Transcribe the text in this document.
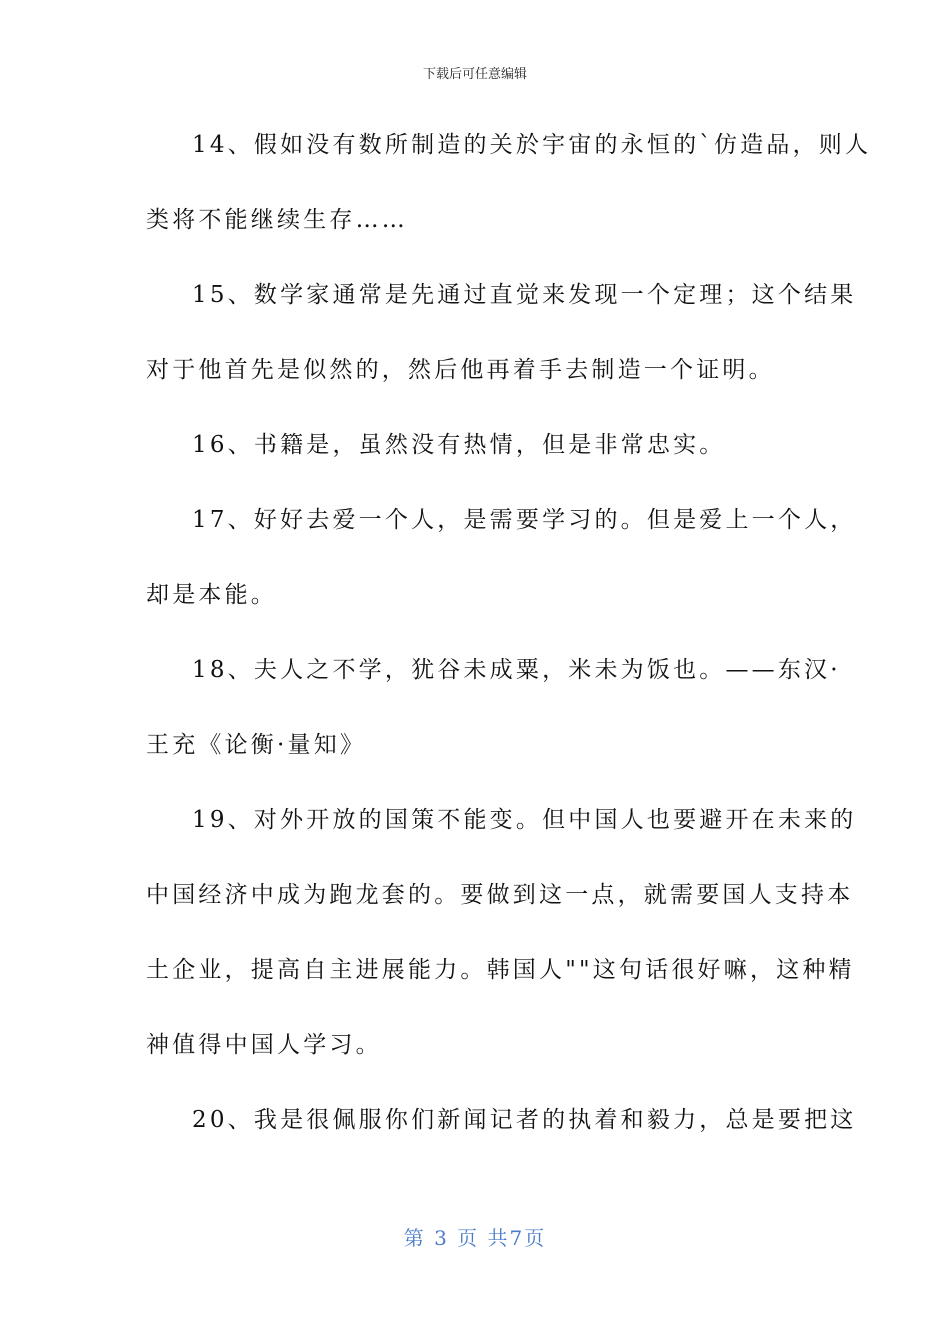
下载后可任意编辑

14、假如没有数所制造的关於宇宙的永恒的`仿造品，则人

类将不能继续生存……

15、数学家通常是先通过直觉来发现一个定理；这个结果

对于他首先是似然的，然后他再着手去制造一个证明。

16、书籍是，虽然没有热情，但是非常忠实。

17、好好去爱一个人，是需要学习的。但是爱上一个人，

却是本能。

18、夫人之不学，犹谷未成粟，米未为饭也。——东汉·

王充《论衡·量知》

19、对外开放的国策不能变。但中国人也要避开在未来的

中国经济中成为跑龙套的。要做到这一点，就需要国人支持本

土企业，提高自主进展能力。韩国人""这句话很好嘛，这种精

神值得中国人学习。

20、我是很佩服你们新闻记者的执着和毅力，总是要把这

第 3 页 共7页
